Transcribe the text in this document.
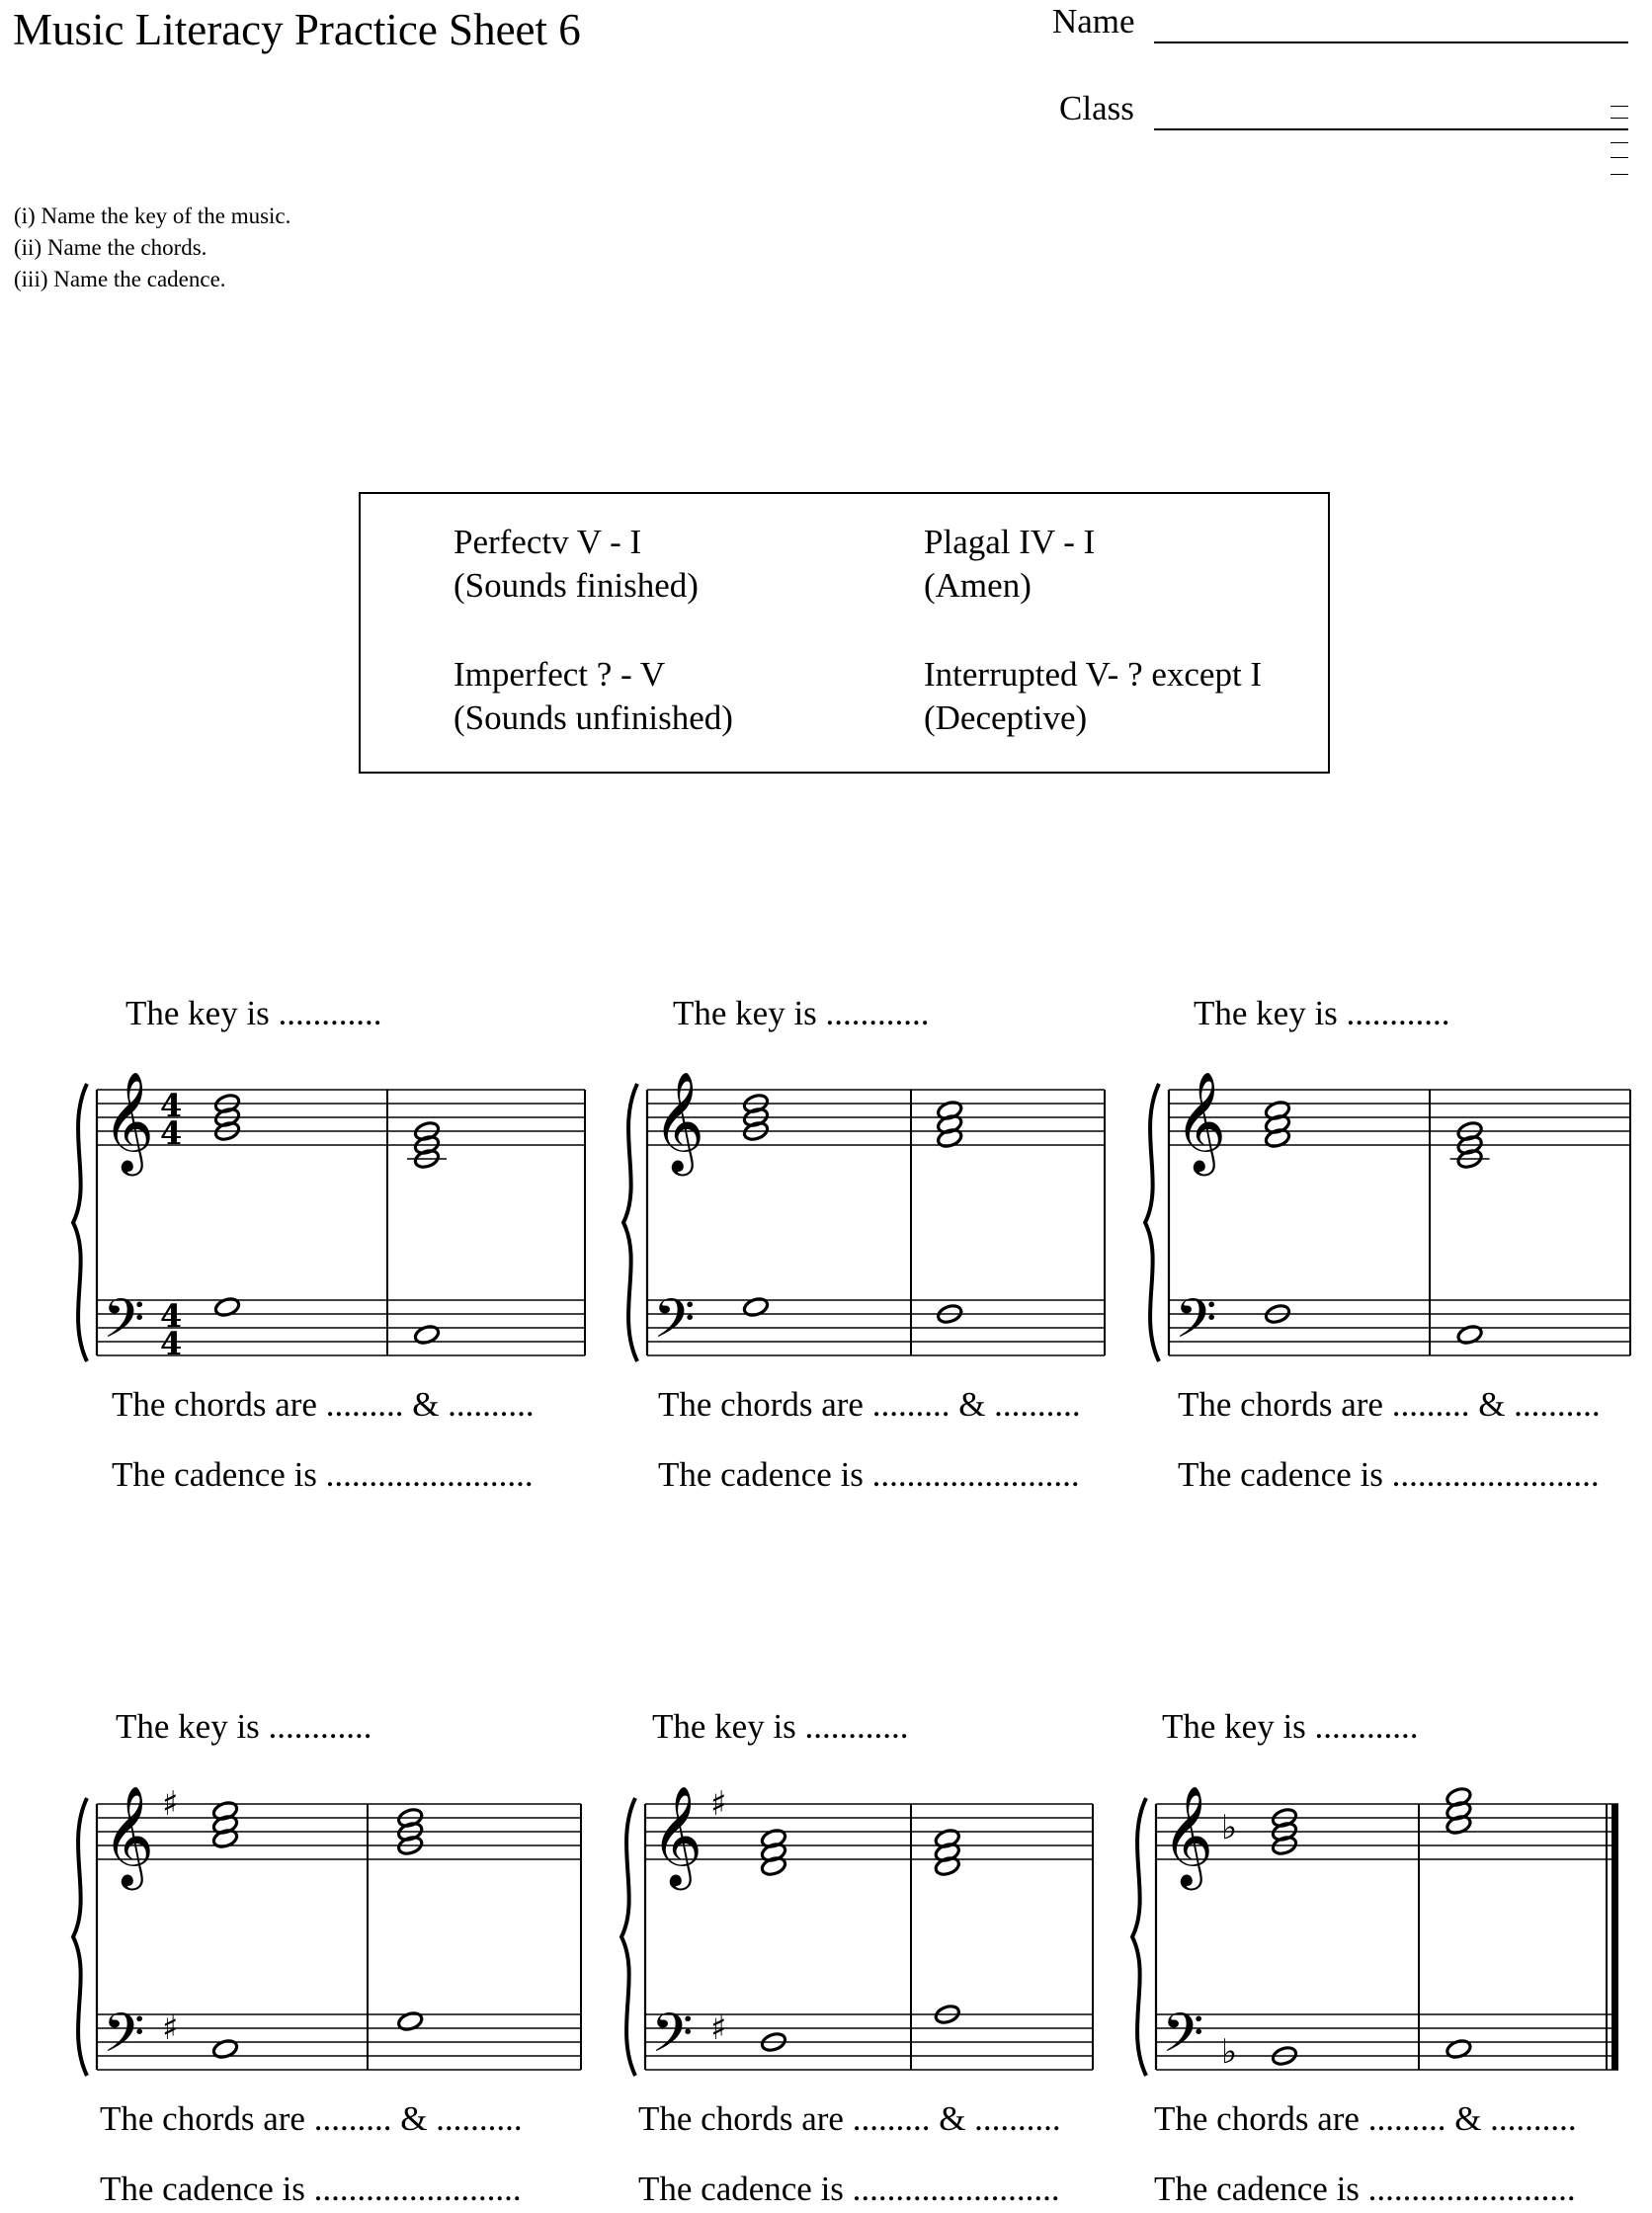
Music Literacy Practice Sheet 6	Name
Class
(i) Name the key of the music.
(ii) Name the chords.
(iii) Name the cadence.
Perfectv V - I
(Sounds finished)
Plagal IV - I
(Amen)
Imperfect ? - V
(Sounds unfinished)
Interrupted V- ? except I
(Deceptive)
𝄞
𝄢
4
4
4
4
𝄞
𝄢
𝄞
𝄢
𝄞
𝄢
♯
♯
𝄞
𝄢
♯
♯
𝄞
𝄢
♭
♭
The key is ............
The chords are ......... & ..........
The cadence is ........................
The key is ............
The chords are ......... & ..........
The cadence is ........................
The key is ............
The chords are ......... & ..........
The cadence is ........................
The key is ............
The chords are ......... & ..........
The cadence is ........................
The key is ............
The chords are ......... & ..........
The cadence is ........................
The key is ............
The chords are ......... & ..........
The cadence is ........................
